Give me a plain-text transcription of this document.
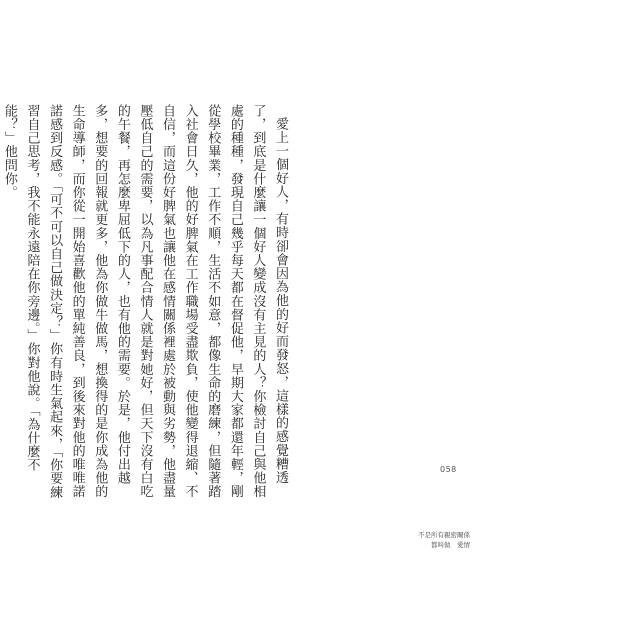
愛上一個好人，有時卻會因為他的好而發怒，這樣的感覺糟透了，到底是什麼讓一個好人變成沒有主見的人？你檢討自己與他相處的種種，發現自己幾乎每天都在督促他，早期大家都還年輕，剛從學校畢業，工作不順，生活不如意，都像生命的磨練，但隨著踏入社會日久，他的好脾氣在工作職場受盡欺負，使他變得退縮、不自信，而這份好脾氣也讓他在感情關係裡處於被動與劣勢，他盡量壓低自己的需要，以為凡事配合情人就是對她好，但天下沒有白吃的午餐，再怎麼卑屈低下的人，也有他的需要。於是，他付出越多，想要的回報就更多，他為你做牛做馬，想換得的是你成為他的生命導師，而你從一開始喜歡他的單純善良，到後來對他的唯唯諾諾感到反感。「可不可以自己做決定？」你有時生氣起來，「你要練習自己思考，我不能永遠陪在你旁邊。」你對他說。「為什麼不能？」他問你。

058
不是所有親密關係
都叫做　愛情
